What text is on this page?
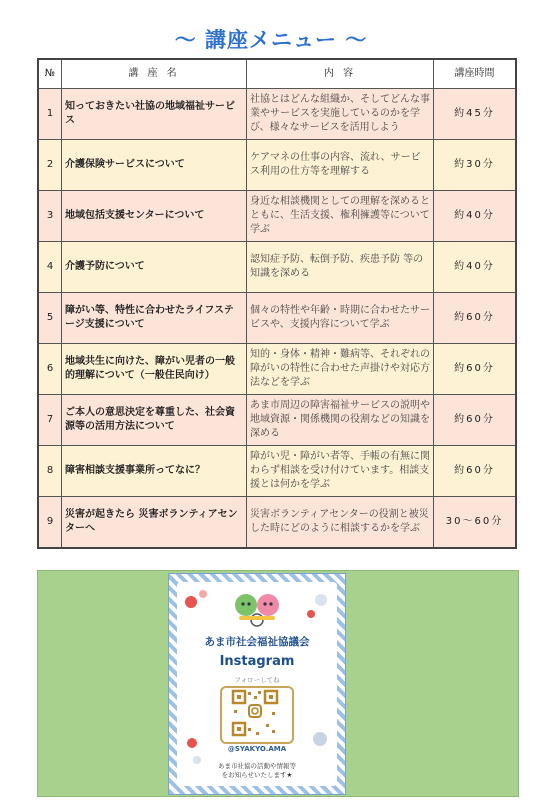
〜 講座メニュー 〜
№	講 座 名	内 容	講座時間
1	知っておきたい社協の地域福祉サービス	社協とはどんな組織か、そしてどんな事業やサービスを実施しているのかを学び、様々なサービスを活用しよう	約45分
2	介護保険サービスについて	ケアマネの仕事の内容、流れ、サービス利用の仕方等を理解する	約30分
3	地域包括支援センターについて	身近な相談機関としての理解を深めるとともに、生活支援、権利擁護等について学ぶ	約40分
4	介護予防について	認知症予防、転倒予防、疾患予防 等の知識を深める	約40分
5	障がい等、特性に合わせたライフステージ支援について	個々の特性や年齢・時期に合わせたサービスや、支援内容について学ぶ	約60分
6	地域共生に向けた、障がい児者の一般的理解について（一般住民向け）	知的・身体・精神・難病等、それぞれの障がいの特性に合わせた声掛けや対応方法などを学ぶ	約60分
7	ご本人の意思決定を尊重した、社会資源等の活用方法について	あま市周辺の障害福祉サービスの説明や地域資源・関係機関の役割などの知識を深める	約60分
8	障害相談支援事業所ってなに？	障がい児・障がい者等、手帳の有無に関わらず相談を受け付けています。相談支援とは何かを学ぶ	約60分
9	災害が起きたら 災害ボランティアセンターへ	災害ボランティアセンターの役割と被災した時にどのように相談するかを学ぶ	30〜60分
あま市社会福祉協議会
Instagram
フォローしてね
@SYAKYO.AMA
あま市社協の活動や情報等
をお知らせいたします★
